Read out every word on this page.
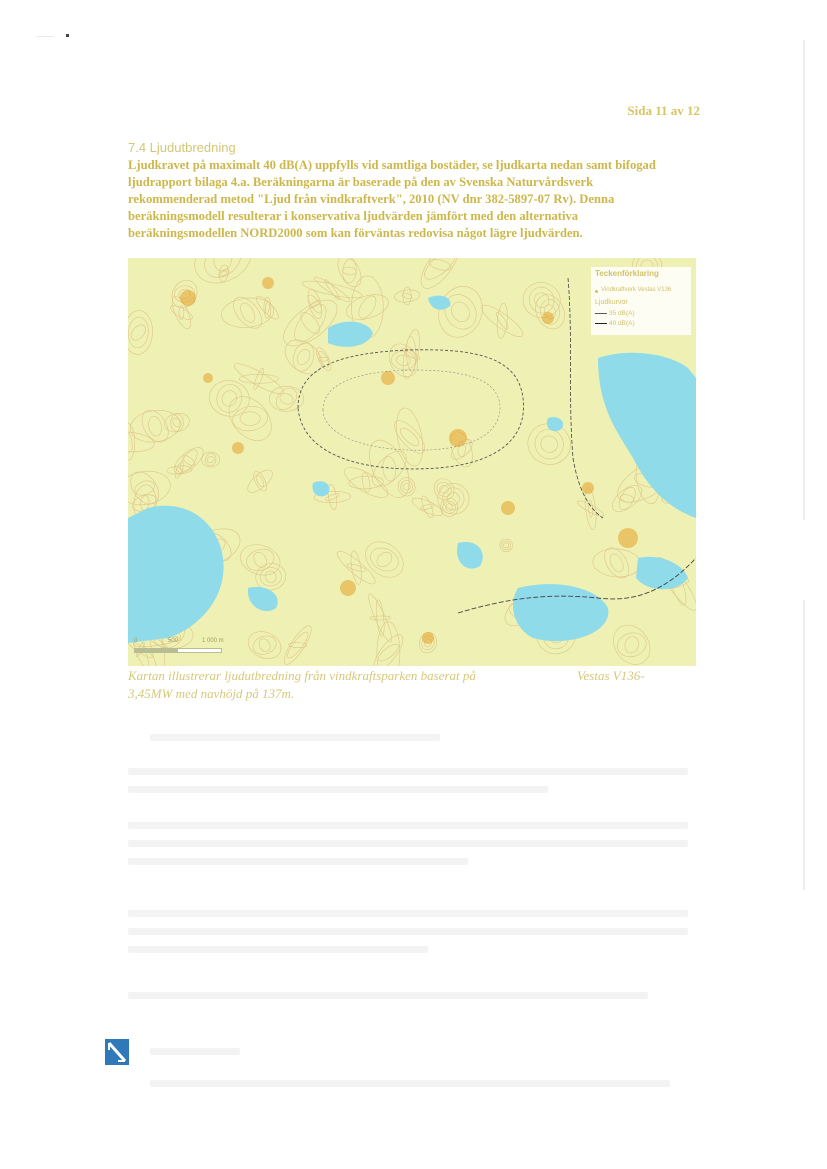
Sida 11 av 12
7.4 Ljudutbredning
Ljudkravet på maximalt 40 dB(A) uppfylls vid samtliga bostäder, se ljudkarta nedan samt bifogad ljudrapport bilaga 4.a. Beräkningarna är baserade på den av Svenska Naturvårdsverk rekommenderad metod "Ljud från vindkraftverk", 2010 (NV dnr 382-5897-07 Rv). Denna beräkningsmodell resulterar i konservativa ljudvärden jämfört med den alternativa beräkningsmodellen NORD2000 som kan förväntas redovisa något lägre ljudvärden.
Teckenförklaring
Vindkraftverk Vestas V136
Ljudkurvor
35 dB(A)
40 dB(A)
0	500	1 000 m
Kartan illustrerar ljudutbredning från vindkraftsparken baserat på	Vestas V136-
3,45MW med navhöjd på 137m.
